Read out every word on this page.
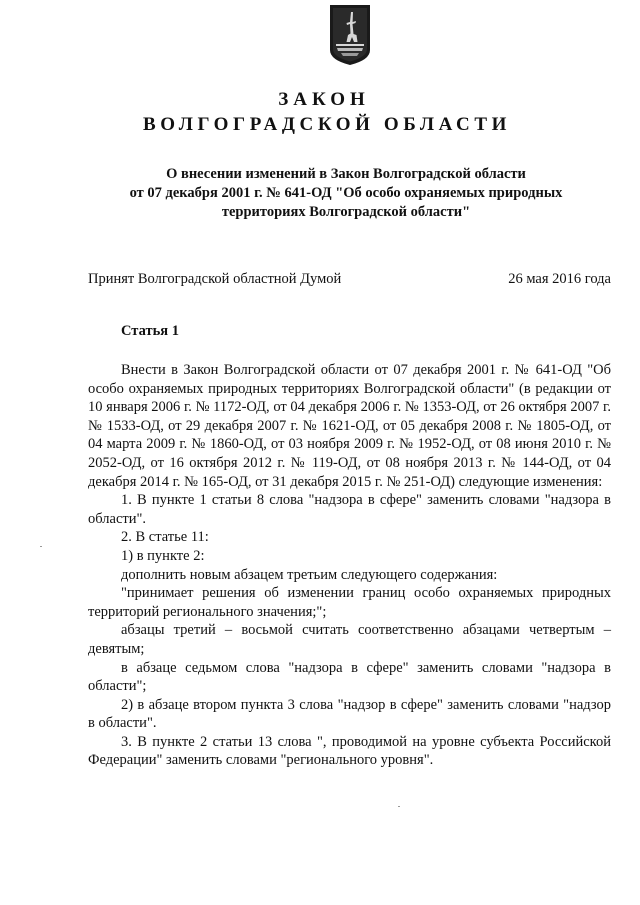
ЗАКОН
ВОЛГОГРАДСКОЙ ОБЛАСТИ
О внесении изменений в Закон Волгоградской области
от 07 декабря 2001 г. № 641-ОД "Об особо охраняемых природных
территориях Волгоградской области"
Принят Волгоградской областной Думой	26 мая 2016 года
Статья 1

Внести в Закон Волгоградской области от 07 декабря 2001 г. № 641-ОД "Об особо охраняемых природных территориях Волгоградской области" (в редакции от 10 января 2006 г. № 1172-ОД, от 04 декабря 2006 г. № 1353-ОД, от 26 октября 2007 г. № 1533-ОД, от 29 декабря 2007 г. № 1621-ОД, от 05 декабря 2008 г. № 1805-ОД, от 04 марта 2009 г. № 1860-ОД, от 03 ноября 2009 г. № 1952-ОД, от 08 июня 2010 г. № 2052-ОД, от 16 октября 2012 г. № 119-ОД, от 08 ноября 2013 г. № 144-ОД, от 04 декабря 2014 г. № 165-ОД, от 31 декабря 2015 г. № 251-ОД) следующие изменения:

1. В пункте 1 статьи 8 слова "надзора в сфере" заменить словами "надзора в области".

2. В статье 11:

1) в пункте 2:

дополнить новым абзацем третьим следующего содержания:

"принимает решения об изменении границ особо охраняемых природных территорий регионального значения;";

абзацы третий – восьмой считать соответственно абзацами четвертым – девятым;

в абзаце седьмом слова "надзора в сфере" заменить словами "надзора в области";

2) в абзаце втором пункта 3 слова "надзор в сфере" заменить словами "надзор в области".

3. В пункте 2 статьи 13 слова ", проводимой на уровне субъекта Российской Федерации" заменить словами "регионального уровня".
